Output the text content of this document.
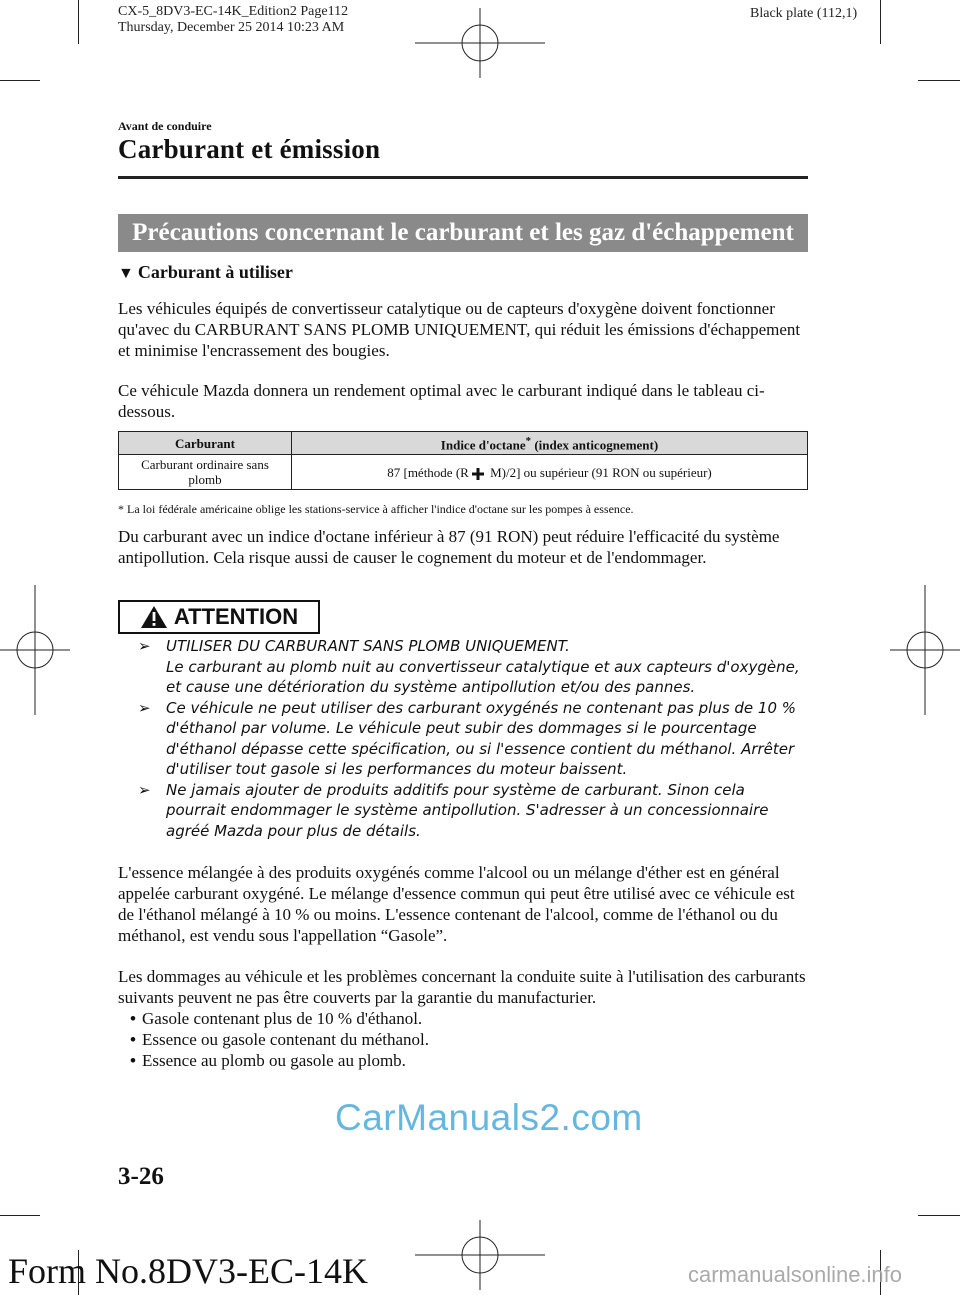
CX-5_8DV3-EC-14K_Edition2 Page112
Thursday, December 25 2014 10:23 AM
Black plate (112,1)
Avant de conduire
Carburant et émission
Précautions concernant le carburant et les gaz d'échappement
▼ Carburant à utiliser
Les véhicules équipés de convertisseur catalytique ou de capteurs d'oxygène doivent fonctionner qu'avec du CARBURANT SANS PLOMB UNIQUEMENT, qui réduit les émissions d'échappement et minimise l'encrassement des bougies.
Ce véhicule Mazda donnera un rendement optimal avec le carburant indiqué dans le tableau ci-dessous.
Carburant	Indice d'octane* (index anticognement)
Carburant ordinaire sans plomb	87 [méthode (R M)/2] ou supérieur (91 RON ou supérieur)
* La loi fédérale américaine oblige les stations-service à afficher l'indice d'octane sur les pompes à essence.
Du carburant avec un indice d'octane inférieur à 87 (91 RON) peut réduire l'efficacité du système antipollution. Cela risque aussi de causer le cognement du moteur et de l'endommager.
ATTENTION
➢ UTILISER DU CARBURANT SANS PLOMB UNIQUEMENT.
Le carburant au plomb nuit au convertisseur catalytique et aux capteurs d'oxygène, et cause une détérioration du système antipollution et/ou des pannes.
➢ Ce véhicule ne peut utiliser des carburant oxygénés ne contenant pas plus de 10 % d'éthanol par volume. Le véhicule peut subir des dommages si le pourcentage d'éthanol dépasse cette spécification, ou si l'essence contient du méthanol. Arrêter d'utiliser tout gasole si les performances du moteur baissent.
➢ Ne jamais ajouter de produits additifs pour système de carburant. Sinon cela pourrait endommager le système antipollution. S'adresser à un concessionnaire agréé Mazda pour plus de détails.
L'essence mélangée à des produits oxygénés comme l'alcool ou un mélange d'éther est en général appelée carburant oxygéné. Le mélange d'essence commun qui peut être utilisé avec ce véhicule est de l'éthanol mélangé à 10 % ou moins. L'essence contenant de l'alcool, comme de l'éthanol ou du méthanol, est vendu sous l'appellation “Gasole”.
Les dommages au véhicule et les problèmes concernant la conduite suite à l'utilisation des carburants suivants peuvent ne pas être couverts par la garantie du manufacturier.
• Gasole contenant plus de 10 % d'éthanol.
• Essence ou gasole contenant du méthanol.
• Essence au plomb ou gasole au plomb.
CarManuals2.com
3-26
Form No.8DV3-EC-14K	carmanualsonline.info
